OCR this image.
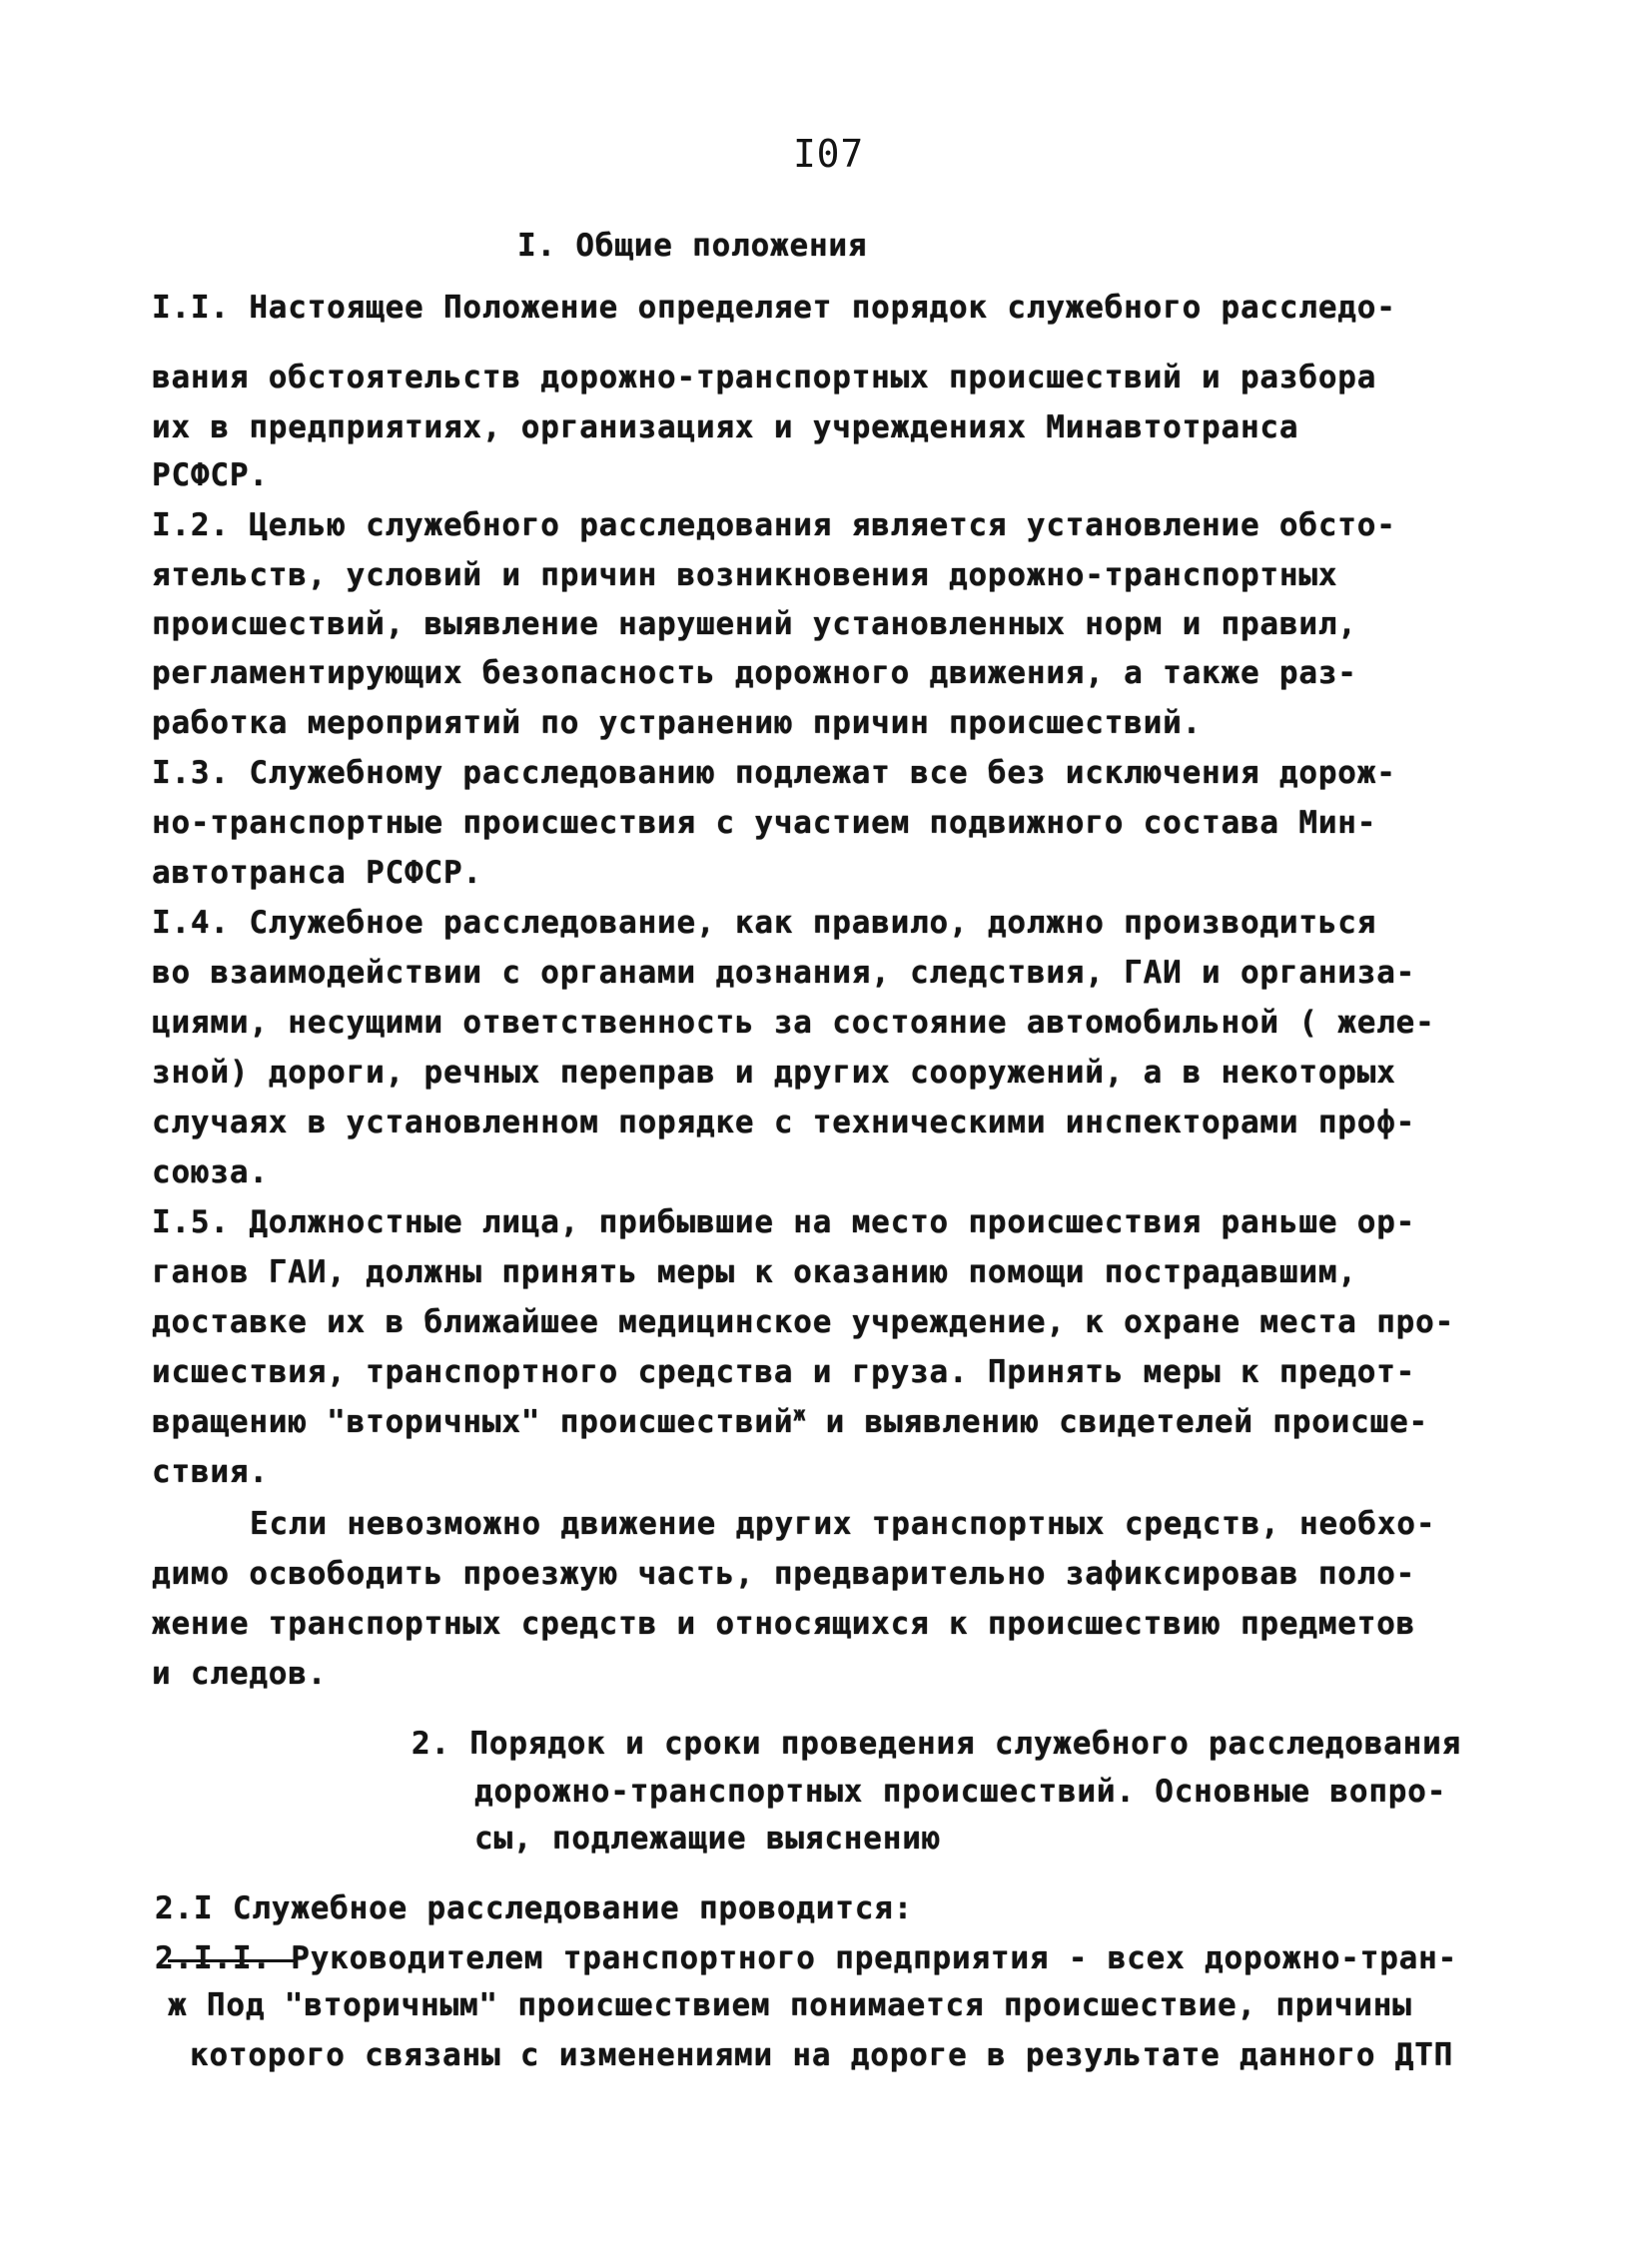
I07
I. Общие положения
I.I. Настоящее Положение определяет порядок служебного расследо-
вания обстоятельств дорожно-транспортных происшествий и разбора
их в предприятиях, организациях и учреждениях Минавтотранса
РСФСР.
I.2. Целью служебного расследования является установление обсто-
ятельств, условий и причин возникновения дорожно-транспортных
происшествий, выявление нарушений установленных норм и правил,
регламентирующих безопасность дорожного движения, а также раз-
работка мероприятий по устранению причин происшествий.
I.3. Служебному расследованию подлежат все без исключения дорож-
но-транспортные происшествия с участием подвижного состава Мин-
автотранса РСФСР.
I.4. Служебное расследование, как правило, должно производиться
во взаимодействии с органами дознания, следствия, ГАИ и организа-
циями, несущими ответственность за состояние автомобильной ( желе-
зной) дороги, речных переправ и других сооружений, а в некоторых
случаях в установленном порядке с техническими инспекторами проф-
союза.
I.5. Должностные лица, прибывшие на место происшествия раньше ор-
ганов ГАИ, должны принять меры к оказанию помощи пострадавшим,
доставке их в ближайшее медицинское учреждение, к охране места про-
исшествия, транспортного средства и груза. Принять меры к предот-
вращению "вторичных" происшествий$^ж$ и выявлению свидетелей происше-
ствия.
Если невозможно движение других транспортных средств, необхо-
димо освободить проезжую часть, предварительно зафиксировав поло-
жение транспортных средств и относящихся к происшествию предметов
и следов.
2. Порядок и сроки проведения служебного расследования
дорожно-транспортных происшествий. Основные вопро-
сы, подлежащие выяснению
2.I Служебное расследование проводится:
2.I.I. Руководителем транспортного предприятия - всех дорожно-тран-
ж Под "вторичным" происшествием понимается происшествие, причины
которого связаны с изменениями на дороге в результате данного ДТП
